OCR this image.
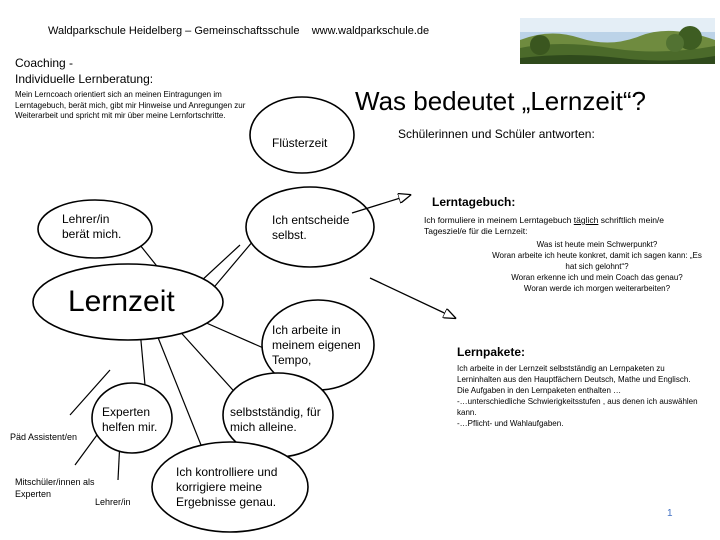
Waldparkschule Heidelberg – Gemeinschaftsschule www.waldparkschule.de
Coaching -
Individuelle Lernberatung:
Mein Lerncoach orientiert sich an meinen Eintragungen im Lerntagebuch, berät mich, gibt mir Hinweise und Anregungen zur Weiterarbeit und spricht mit mir über meine Lernfortschritte.	Was bedeutet „Lernzeit“?
Schülerinnen und Schüler antworten:
Lernzeit
Flüsterzeit
Lehrer/in berät mich.
Ich entscheide selbst.
Ich arbeite in meinem eigenen Tempo,
Experten helfen mir.
selbstständig, für mich alleine.
Ich kontrolliere und korrigiere meine Ergebnisse genau.
Päd Assistent/en
Mitschüler/innen als Experten
Lehrer/in
Lerntagebuch:
Ich formuliere in meinem Lerntagebuch täglich schriftlich mein/e Tagesziel/e für die Lernzeit:
Was ist heute mein Schwerpunkt?
Woran arbeite ich heute konkret, damit ich sagen kann: „Es hat sich gelohnt“?
Woran erkenne ich und mein Coach das genau?
Woran werde ich morgen weiterarbeiten?
Lernpakete:
Ich arbeite in der Lernzeit selbstständig an Lernpaketen zu Lerninhalten aus den Hauptfächern Deutsch, Mathe und Englisch.
Die Aufgaben in den Lernpaketen enthalten …
-…unterschiedliche Schwierigkeitsstufen , aus denen ich auswählen kann.
-…Pflicht- und Wahlaufgaben.
1
